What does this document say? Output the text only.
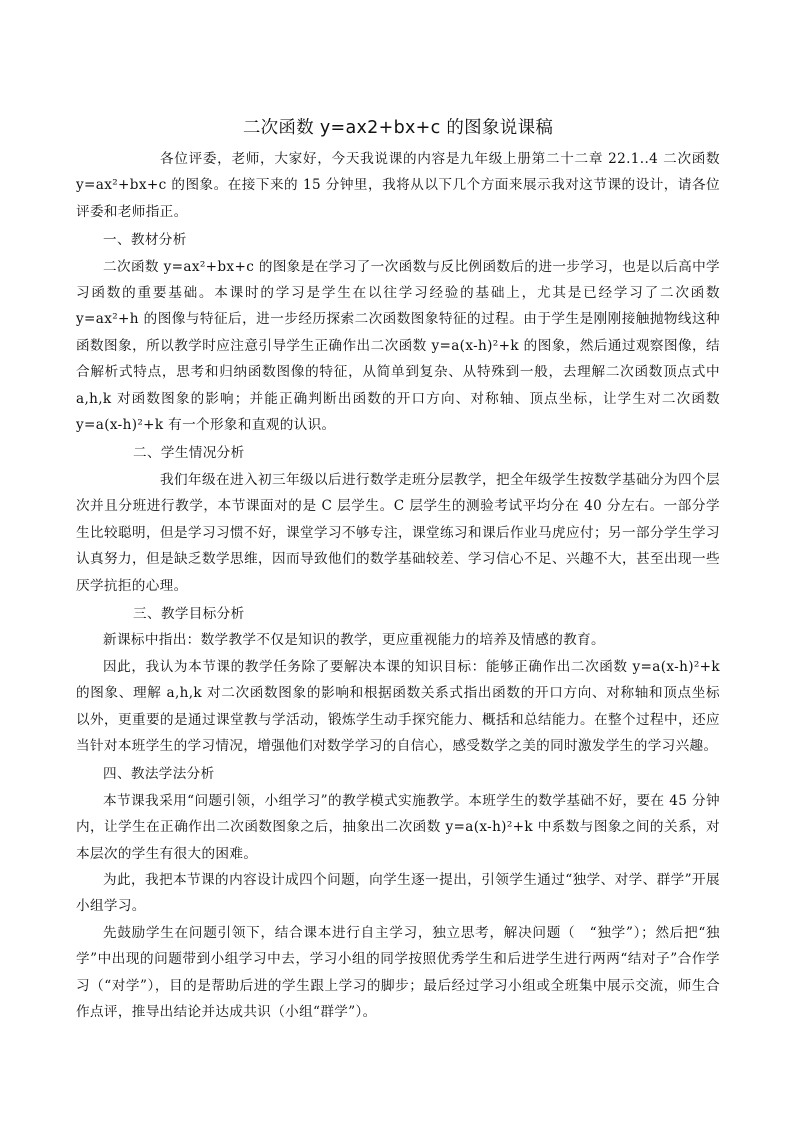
二次函数 y=ax2+bx+c 的图象说课稿

各位评委，老师，大家好，今天我说课的内容是九年级上册第二十二章 22.1..4 二次函数 y=ax²+bx+c 的图象。在接下来的 15 分钟里，我将从以下几个方面来展示我对这节课的设计，请各位评委和老师指正。

一、教材分析

二次函数 y=ax²+bx+c 的图象是在学习了一次函数与反比例函数后的进一步学习，也是以后高中学习函数的重要基础。本课时的学习是学生在以往学习经验的基础上，尤其是已经学习了二次函数 y=ax²+h 的图像与特征后，进一步经历探索二次函数图象特征的过程。由于学生是刚刚接触抛物线这种函数图象，所以教学时应注意引导学生正确作出二次函数 y=a(x-h)²+k 的图象，然后通过观察图像，结合解析式特点，思考和归纳函数图像的特征，从简单到复杂、从特殊到一般，去理解二次函数顶点式中 a,h,k 对函数图象的影响；并能正确判断出函数的开口方向、对称轴、顶点坐标，让学生对二次函数 y=a(x-h)²+k 有一个形象和直观的认识。

二、学生情况分析

我们年级在进入初三年级以后进行数学走班分层教学，把全年级学生按数学基础分为四个层次并且分班进行教学，本节课面对的是 C 层学生。C 层学生的测验考试平均分在 40 分左右。一部分学生比较聪明，但是学习习惯不好，课堂学习不够专注，课堂练习和课后作业马虎应付；另一部分学生学习认真努力，但是缺乏数学思维，因而导致他们的数学基础较差、学习信心不足、兴趣不大，甚至出现一些厌学抗拒的心理。

三、教学目标分析

新课标中指出：数学教学不仅是知识的教学，更应重视能力的培养及情感的教育。

因此，我认为本节课的教学任务除了要解决本课的知识目标：能够正确作出二次函数 y=a(x-h)²+k 的图象、理解 a,h,k 对二次函数图象的影响和根据函数关系式指出函数的开口方向、对称轴和顶点坐标以外，更重要的是通过课堂教与学活动，锻炼学生动手探究能力、概括和总结能力。在整个过程中，还应当针对本班学生的学习情况，增强他们对数学学习的自信心，感受数学之美的同时激发学生的学习兴趣。

四、教法学法分析

本节课我采用“问题引领，小组学习”的教学模式实施教学。本班学生的数学基础不好，要在 45 分钟内，让学生在正确作出二次函数图象之后，抽象出二次函数 y=a(x-h)²+k 中系数与图象之间的关系，对本层次的学生有很大的困难。

为此，我把本节课的内容设计成四个问题，向学生逐一提出，引领学生通过“独学、对学、群学”开展小组学习。

先鼓励学生在问题引领下，结合课本进行自主学习，独立思考，解决问题（　“独学”）；然后把“独学”中出现的问题带到小组学习中去，学习小组的同学按照优秀学生和后进学生进行两两“结对子”合作学习（“对学”），目的是帮助后进的学生跟上学习的脚步；最后经过学习小组或全班集中展示交流，师生合作点评，推导出结论并达成共识（小组“群学”）。
